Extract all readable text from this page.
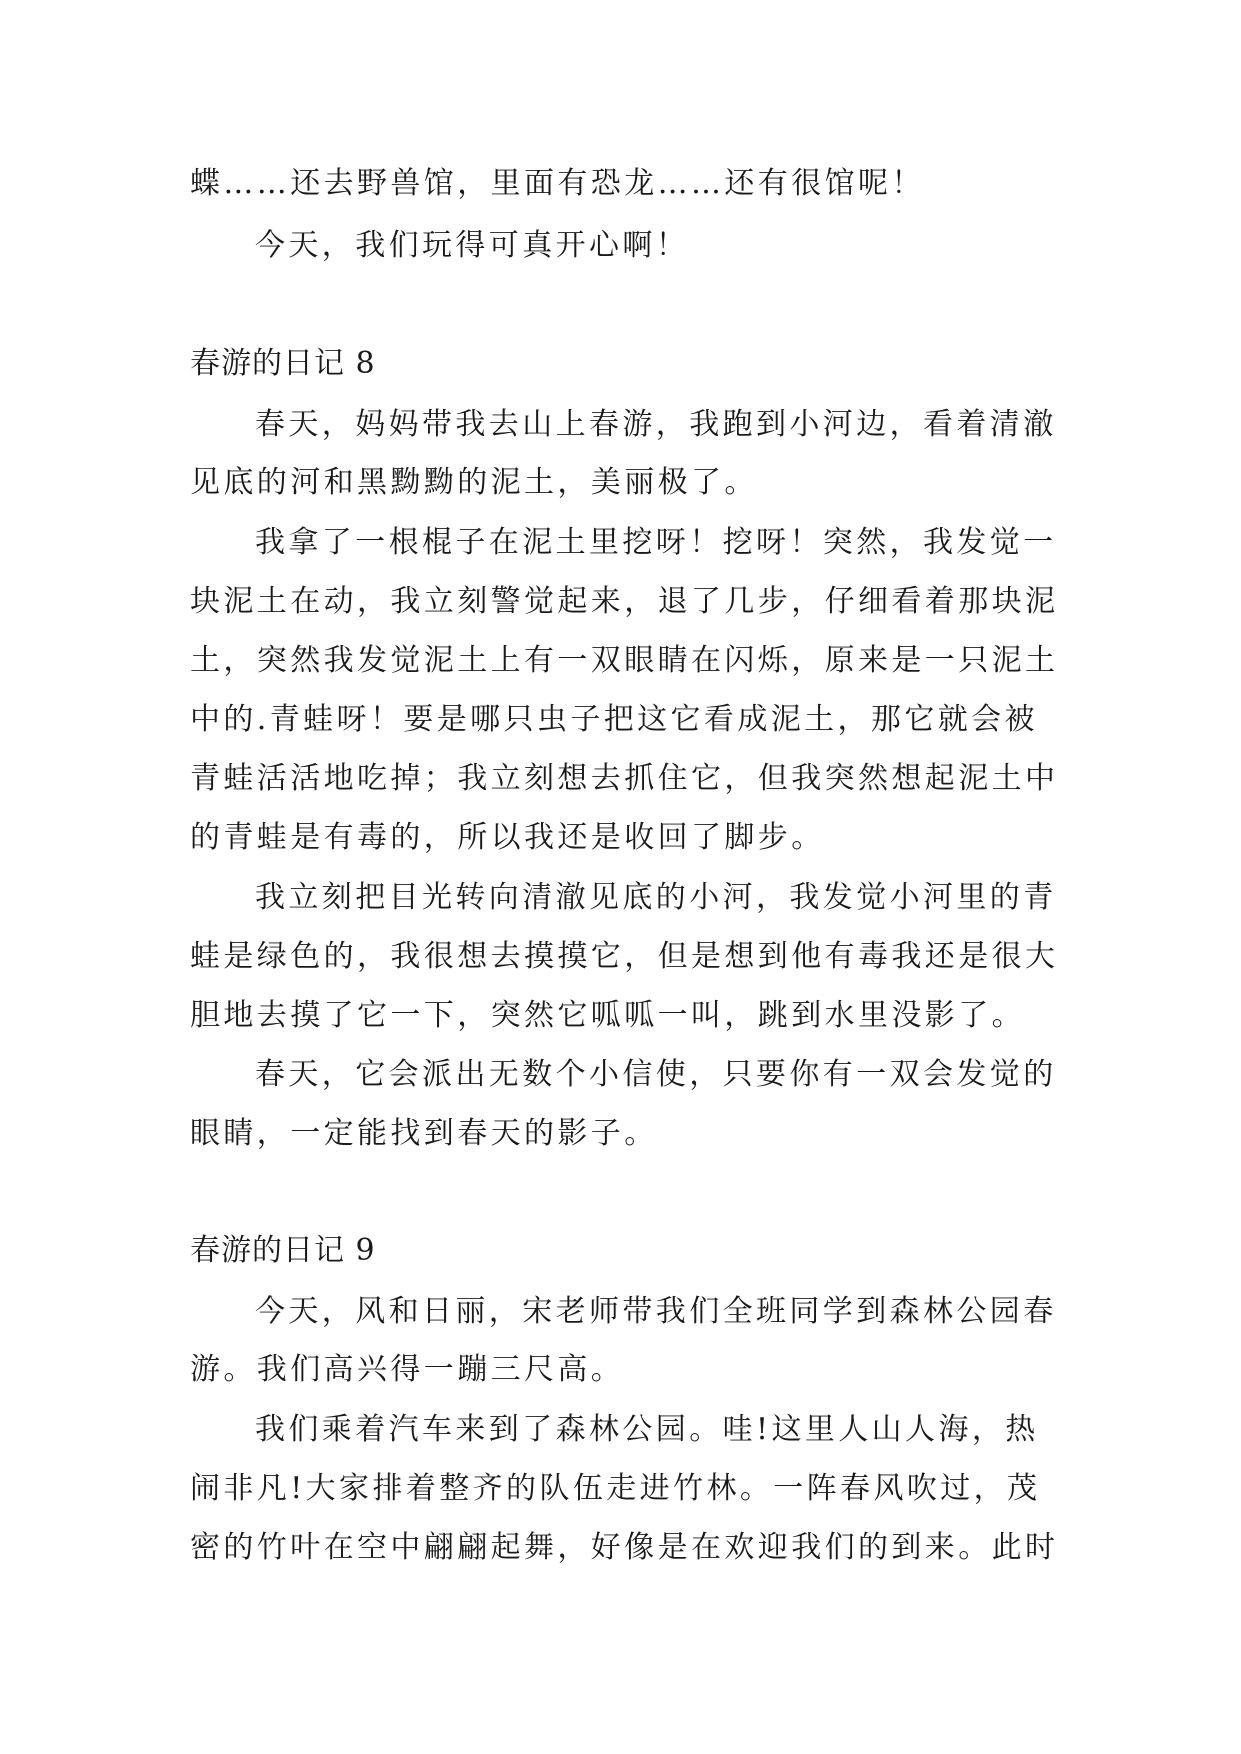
蝶……还去野兽馆，里面有恐龙……还有很馆呢！
今天，我们玩得可真开心啊！
春游的日记 8
春天，妈妈带我去山上春游，我跑到小河边，看着清澈
见底的河和黑黝黝的泥土，美丽极了。
我拿了一根棍子在泥土里挖呀！挖呀！突然，我发觉一
块泥土在动，我立刻警觉起来，退了几步，仔细看着那块泥
土，突然我发觉泥土上有一双眼睛在闪烁，原来是一只泥土
中的.青蛙呀！要是哪只虫子把这它看成泥土，那它就会被
青蛙活活地吃掉；我立刻想去抓住它，但我突然想起泥土中
的青蛙是有毒的，所以我还是收回了脚步。
我立刻把目光转向清澈见底的小河，我发觉小河里的青
蛙是绿色的，我很想去摸摸它，但是想到他有毒我还是很大
胆地去摸了它一下，突然它呱呱一叫，跳到水里没影了。
春天，它会派出无数个小信使，只要你有一双会发觉的
眼睛，一定能找到春天的影子。
春游的日记 9
今天，风和日丽，宋老师带我们全班同学到森林公园春
游。我们高兴得一蹦三尺高。
我们乘着汽车来到了森林公园。哇!这里人山人海，热
闹非凡!大家排着整齐的队伍走进竹林。一阵春风吹过，茂
密的竹叶在空中翩翩起舞，好像是在欢迎我们的到来。此时
